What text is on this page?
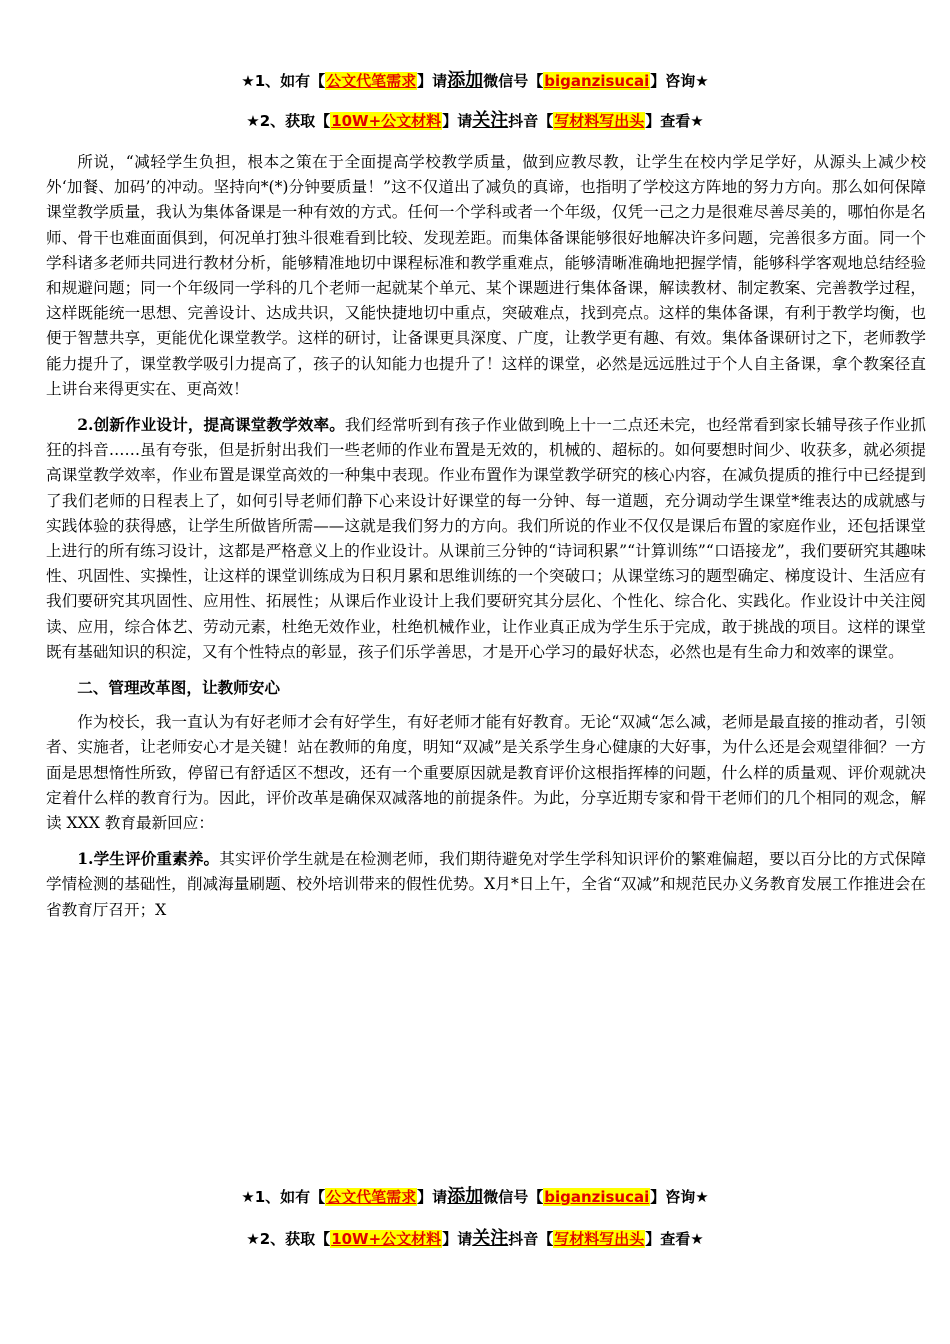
★1、如有【公文代笔需求】请添加微信号【biganzisucai】咨询★
★2、获取【10W+公文材料】请关注抖音【写材料写出头】查看★

所说，“减轻学生负担，根本之策在于全面提高学校教学质量，做到应教尽教，让学生在校内学足学好，从源头上减少校外‘加餐、加码’的冲动。坚持向*(*)分钟要质量！”这不仅道出了减负的真谛，也指明了学校这方阵地的努力方向。那么如何保障课堂教学质量，我认为集体备课是一种有效的方式。任何一个学科或者一个年级，仅凭一己之力是很难尽善尽美的，哪怕你是名师、骨干也难面面俱到，何况单打独斗很难看到比较、发现差距。而集体备课能够很好地解决许多问题，完善很多方面。同一个学科诸多老师共同进行教材分析，能够精准地切中课程标准和教学重难点，能够清晰准确地把握学情，能够科学客观地总结经验和规避问题；同一个年级同一学科的几个老师一起就某个单元、某个课题进行集体备课，解读教材、制定教案、完善教学过程，这样既能统一思想、完善设计、达成共识，又能快捷地切中重点，突破难点，找到亮点。这样的集体备课，有利于教学均衡，也便于智慧共享，更能优化课堂教学。这样的研讨，让备课更具深度、广度，让教学更有趣、有效。集体备课研讨之下，老师教学能力提升了，课堂教学吸引力提高了，孩子的认知能力也提升了！这样的课堂，必然是远远胜过于个人自主备课，拿个教案径直上讲台来得更实在、更高效！

2.创新作业设计，提高课堂教学效率。我们经常听到有孩子作业做到晚上十一二点还未完，也经常看到家长辅导孩子作业抓狂的抖音……虽有夸张，但是折射出我们一些老师的作业布置是无效的，机械的、超标的。如何要想时间少、收获多，就必须提高课堂教学效率，作业布置是课堂高效的一种集中表现。作业布置作为课堂教学研究的核心内容，在减负提质的推行中已经提到了我们老师的日程表上了，如何引导老师们静下心来设计好课堂的每一分钟、每一道题，充分调动学生课堂*维表达的成就感与实践体验的获得感，让学生所做皆所需——这就是我们努力的方向。我们所说的作业不仅仅是课后布置的家庭作业，还包括课堂上进行的所有练习设计，这都是严格意义上的作业设计。从课前三分钟的“诗词积累”“计算训练”“口语接龙”，我们要研究其趣味性、巩固性、实操性，让这样的课堂训练成为日积月累和思维训练的一个突破口；从课堂练习的题型确定、梯度设计、生活应有我们要研究其巩固性、应用性、拓展性；从课后作业设计上我们要研究其分层化、个性化、综合化、实践化。作业设计中关注阅读、应用，综合体艺、劳动元素，杜绝无效作业，杜绝机械作业，让作业真正成为学生乐于完成，敢于挑战的项目。这样的课堂既有基础知识的积淀，又有个性特点的彰显，孩子们乐学善思，才是开心学习的最好状态，必然也是有生命力和效率的课堂。

二、管理改革图，让教师安心

作为校长，我一直认为有好老师才会有好学生，有好老师才能有好教育。无论“双减“怎么减，老师是最直接的推动者，引领者、实施者，让老师安心才是关键！站在教师的角度，明知“双减”是关系学生身心健康的大好事，为什么还是会观望徘徊？一方面是思想惰性所致，停留已有舒适区不想改，还有一个重要原因就是教育评价这根指挥棒的问题，什么样的质量观、评价观就决定着什么样的教育行为。因此，评价改革是确保双减落地的前提条件。为此，分享近期专家和骨干老师们的几个相同的观念，解读 XXX 教育最新回应：

1.学生评价重素养。其实评价学生就是在检测老师，我们期待避免对学生学科知识评价的繁难偏超，要以百分比的方式保障学情检测的基础性，削减海量刷题、校外培训带来的假性优势。X月*日上午，全省“双减”和规范民办义务教育发展工作推进会在省教育厅召开；X

★1、如有【公文代笔需求】请添加微信号【biganzisucai】咨询★
★2、获取【10W+公文材料】请关注抖音【写材料写出头】查看★
